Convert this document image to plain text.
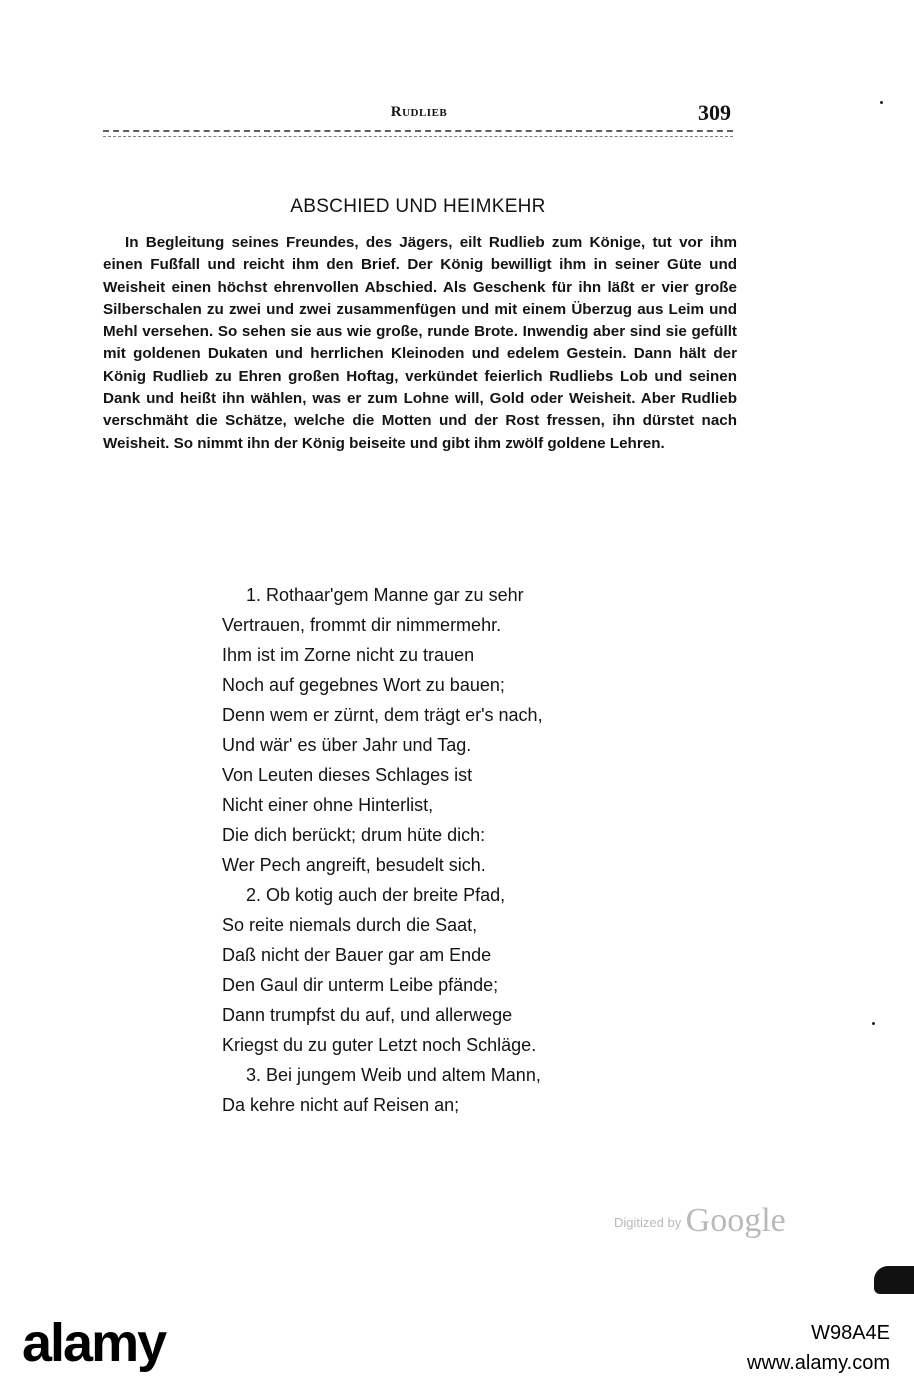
Rudlieb	309
ABSCHIED UND HEIMKEHR

In Begleitung seines Freundes, des Jägers, eilt Rudlieb zum Könige, tut vor ihm einen Fußfall und reicht ihm den Brief. Der König bewilligt ihm in seiner Güte und Weisheit einen höchst ehrenvollen Abschied. Als Geschenk für ihn läßt er vier große Silberschalen zu zwei und zwei zusammenfügen und mit einem Überzug aus Leim und Mehl versehen. So sehen sie aus wie große, runde Brote. Inwendig aber sind sie gefüllt mit goldenen Dukaten und herrlichen Kleinoden und edelem Gestein. Dann hält der König Rudlieb zu Ehren großen Hoftag, verkündet feierlich Rudliebs Lob und seinen Dank und heißt ihn wählen, was er zum Lohne will, Gold oder Weisheit. Aber Rudlieb verschmäht die Schätze, welche die Motten und der Rost fressen, ihn dürstet nach Weisheit. So nimmt ihn der König beiseite und gibt ihm zwölf goldene Lehren.

1. Rothaar'gem Manne gar zu sehr
Vertrauen, frommt dir nimmermehr.
Ihm ist im Zorne nicht zu trauen
Noch auf gegebnes Wort zu bauen;
Denn wem er zürnt, dem trägt er's nach,
Und wär' es über Jahr und Tag.
Von Leuten dieses Schlages ist
Nicht einer ohne Hinterlist,
Die dich berückt; drum hüte dich:
Wer Pech angreift, besudelt sich.
2. Ob kotig auch der breite Pfad,
So reite niemals durch die Saat,
Daß nicht der Bauer gar am Ende
Den Gaul dir unterm Leibe pfände;
Dann trumpfst du auf, und allerwege
Kriegst du zu guter Letzt noch Schläge.
3. Bei jungem Weib und altem Mann,
Da kehre nicht auf Reisen an;
$^{Digitized by}$ Google
alamy	W98A4E
www.alamy.com
